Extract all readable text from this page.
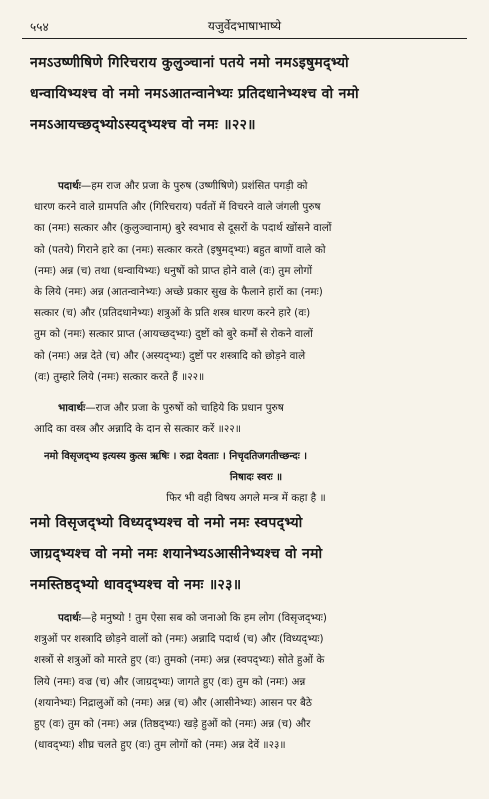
५५४	यजुर्वेदभाषाभाष्ये
नमऽउष्णीषिणे गिरिचराय कुलुञ्चानां पतये नमो नमऽइषुमद्भ्यो
धन्वायिभ्यश्च वो नमो नमऽआतन्वानेभ्यः प्रतिदधानेभ्यश्च वो नमो
नमऽआयच्छद्भ्योऽस्यद्भ्यश्च वो नमः ॥२२॥
पदार्थः—हम राज और प्रजा के पुरुष (उष्णीषिणे) प्रशंसित पगड़ी को
धारण करने वाले ग्रामपति और (गिरिचराय) पर्वतों में विचरने वाले जंगली पुरुष
का (नमः) सत्कार और (कुलुञ्चानाम्) बुरे स्वभाव से दूसरों के पदार्थ खोंसने वालों
को (पतये) गिराने हारे का (नमः) सत्कार करते (इषुमद्भ्यः) बहुत बाणों वाले को
(नमः) अन्न (च) तथा (धन्वायिभ्यः) धनुषों को प्राप्त होने वाले (वः) तुम लोगों
के लिये (नमः) अन्न (आतन्वानेभ्यः) अच्छे प्रकार सुख के फैलाने हारों का (नमः)
सत्कार (च) और (प्रतिदधानेभ्यः) शत्रुओं के प्रति शस्त्र धारण करने हारे (वः)
तुम को (नमः) सत्कार प्राप्त (आयच्छद्भ्यः) दुष्टों को बुरे कर्मों से रोकने वालों
को (नमः) अन्न देते (च) और (अस्यद्भ्यः) दुष्टों पर शस्त्रादि को छोड़ने वाले
(वः) तुम्हारे लिये (नमः) सत्कार करते हैं ॥२२॥
भावार्थः—राज और प्रजा के पुरुषों को चाहिये कि प्रधान पुरुष
आदि का वस्त्र और अन्नादि के दान से सत्कार करें ॥२२॥
नमो विसृजद्भ्य इत्यस्य कुत्स ऋषिः । रुद्रा देवताः । निचृदतिजगतीच्छन्दः ।
निषादः स्वरः ॥
फिर भी वही विषय अगले मन्त्र में कहा है ॥
नमो विसृजद्भ्यो विध्यद्भ्यश्च वो नमो नमः स्वपद्भ्यो
जाग्रद्भ्यश्च वो नमो नमः शयानेभ्यऽआसीनेभ्यश्च वो नमो
नमस्तिष्ठद्भ्यो धावद्भ्यश्च वो नमः ॥२३॥
पदार्थः—हे मनुष्यो ! तुम ऐसा सब को जनाओ कि हम लोग (विसृजद्भ्यः)
शत्रुओं पर शस्त्रादि छोड़ने वालों को (नमः) अन्नादि पदार्थ (च) और (विध्यद्भ्यः)
शस्त्रों से शत्रुओं को मारते हुए (वः) तुमको (नमः) अन्न (स्वपद्भ्यः) सोते हुओं के
लिये (नमः) वज्र (च) और (जाग्रद्भ्यः) जागते हुए (वः) तुम को (नमः) अन्न
(शयानेभ्यः) निद्रालुओं को (नमः) अन्न (च) और (आसीनेभ्यः) आसन पर बैठे
हुए (वः) तुम को (नमः) अन्न (तिष्ठद्भ्यः) खड़े हुओं को (नमः) अन्न (च) और
(धावद्भ्यः) शीघ्र चलते हुए (वः) तुम लोगों को (नमः) अन्न देवें ॥२३॥
